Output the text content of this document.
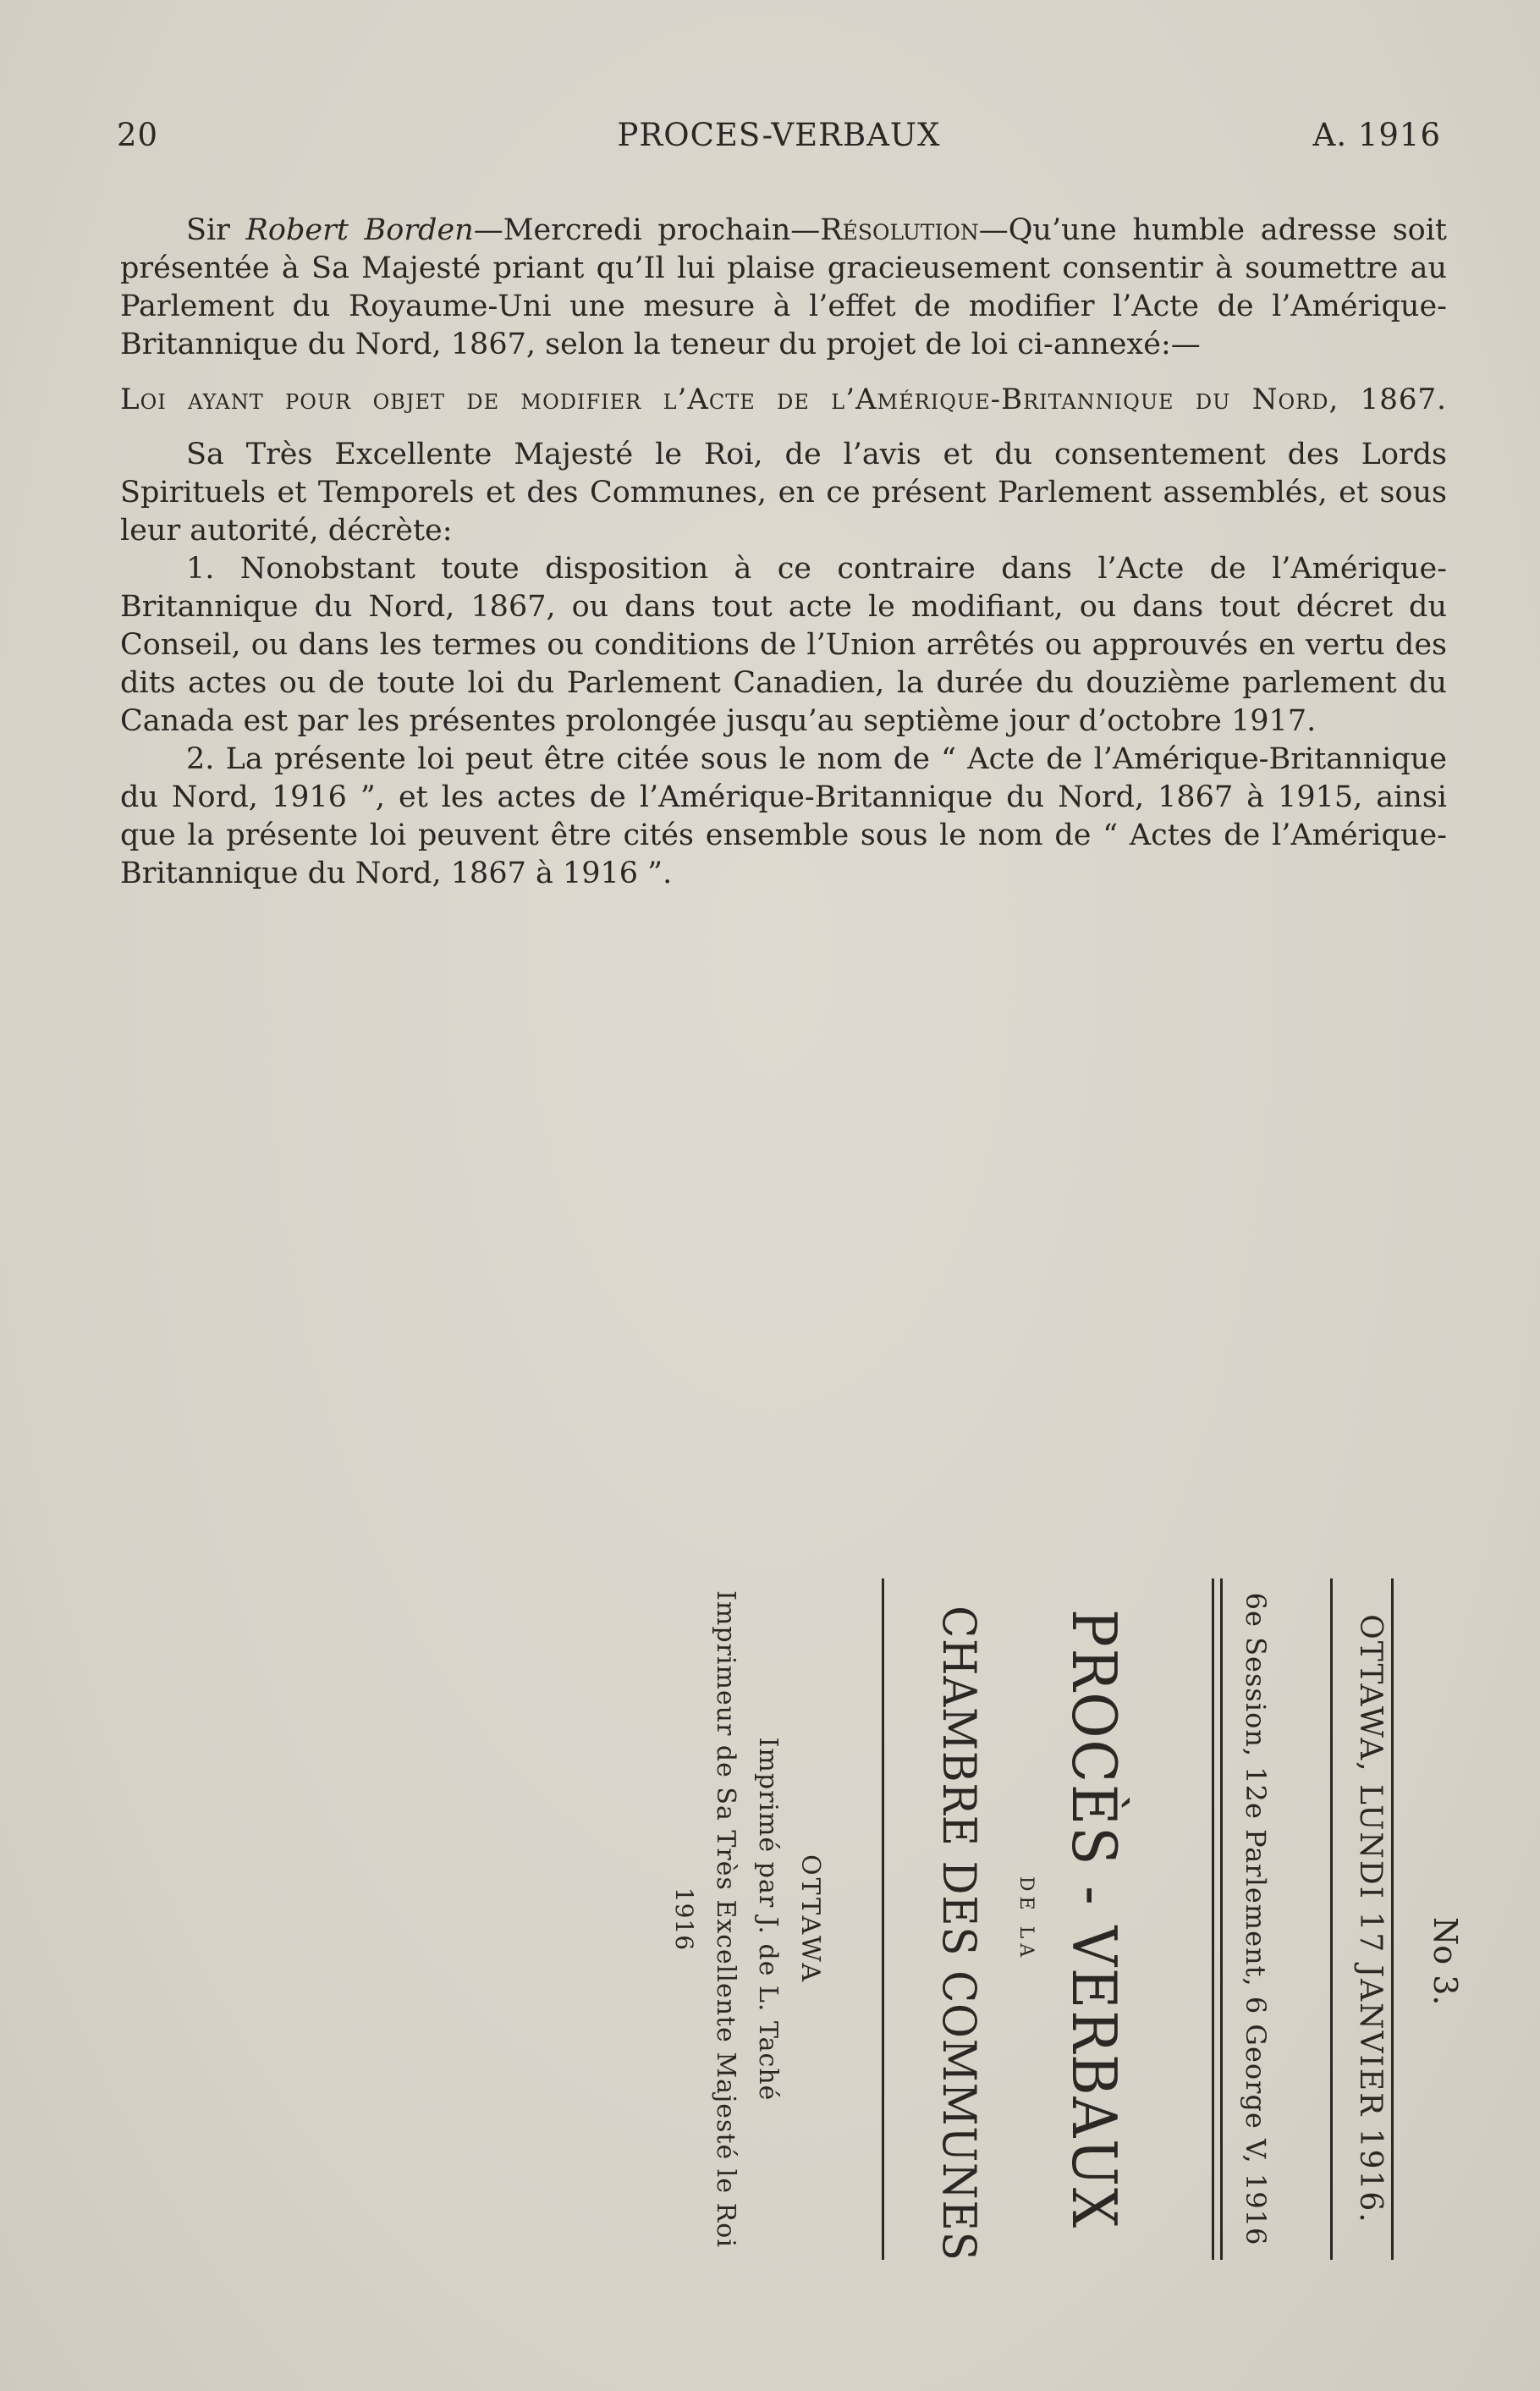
20	PROCES-VERBAUX	A. 1916

Sir Robert Borden—Mercredi prochain—Résolution—Qu’une humble adresse soit présentée à Sa Majesté priant qu’Il lui plaise gracieusement consentir à soumettre au Parlement du Royaume-Uni une mesure à l’effet de modifier l’Acte de l’Amérique-Britannique du Nord, 1867, selon la teneur du projet de loi ci-annexé:—

Loi ayant pour objet de modifier l’Acte de l’Amérique-Britannique du Nord, 1867.

Sa Très Excellente Majesté le Roi, de l’avis et du consentement des Lords Spirituels et Temporels et des Communes, en ce présent Parlement assemblés, et sous leur autorité, décrète:

1. Nonobstant toute disposition à ce contraire dans l’Acte de l’Amérique-Britannique du Nord, 1867, ou dans tout acte le modifiant, ou dans tout décret du Conseil, ou dans les termes ou conditions de l’Union arrêtés ou approuvés en vertu des dits actes ou de toute loi du Parlement Canadien, la durée du douzième parlement du Canada est par les présentes prolongée jusqu’au septième jour d’octobre 1917.

2. La présente loi peut être citée sous le nom de “ Acte de l’Amérique-Britannique du Nord, 1916 ”, et les actes de l’Amérique-Britannique du Nord, 1867 à 1915, ainsi que la présente loi peuvent être cités ensemble sous le nom de “ Actes de l’Amérique-Britannique du Nord, 1867 à 1916 ”.

No 3.
OTTAWA, LUNDI 17 JANVIER 1916.
6e Session, 12e Parlement, 6 George V, 1916
PROCÈS - VERBAUX
DE LA
CHAMBRE DES COMMUNES
OTTAWA
Imprimé par J. de L. Taché
Imprimeur de Sa Très Excellente Majesté le Roi
1916
